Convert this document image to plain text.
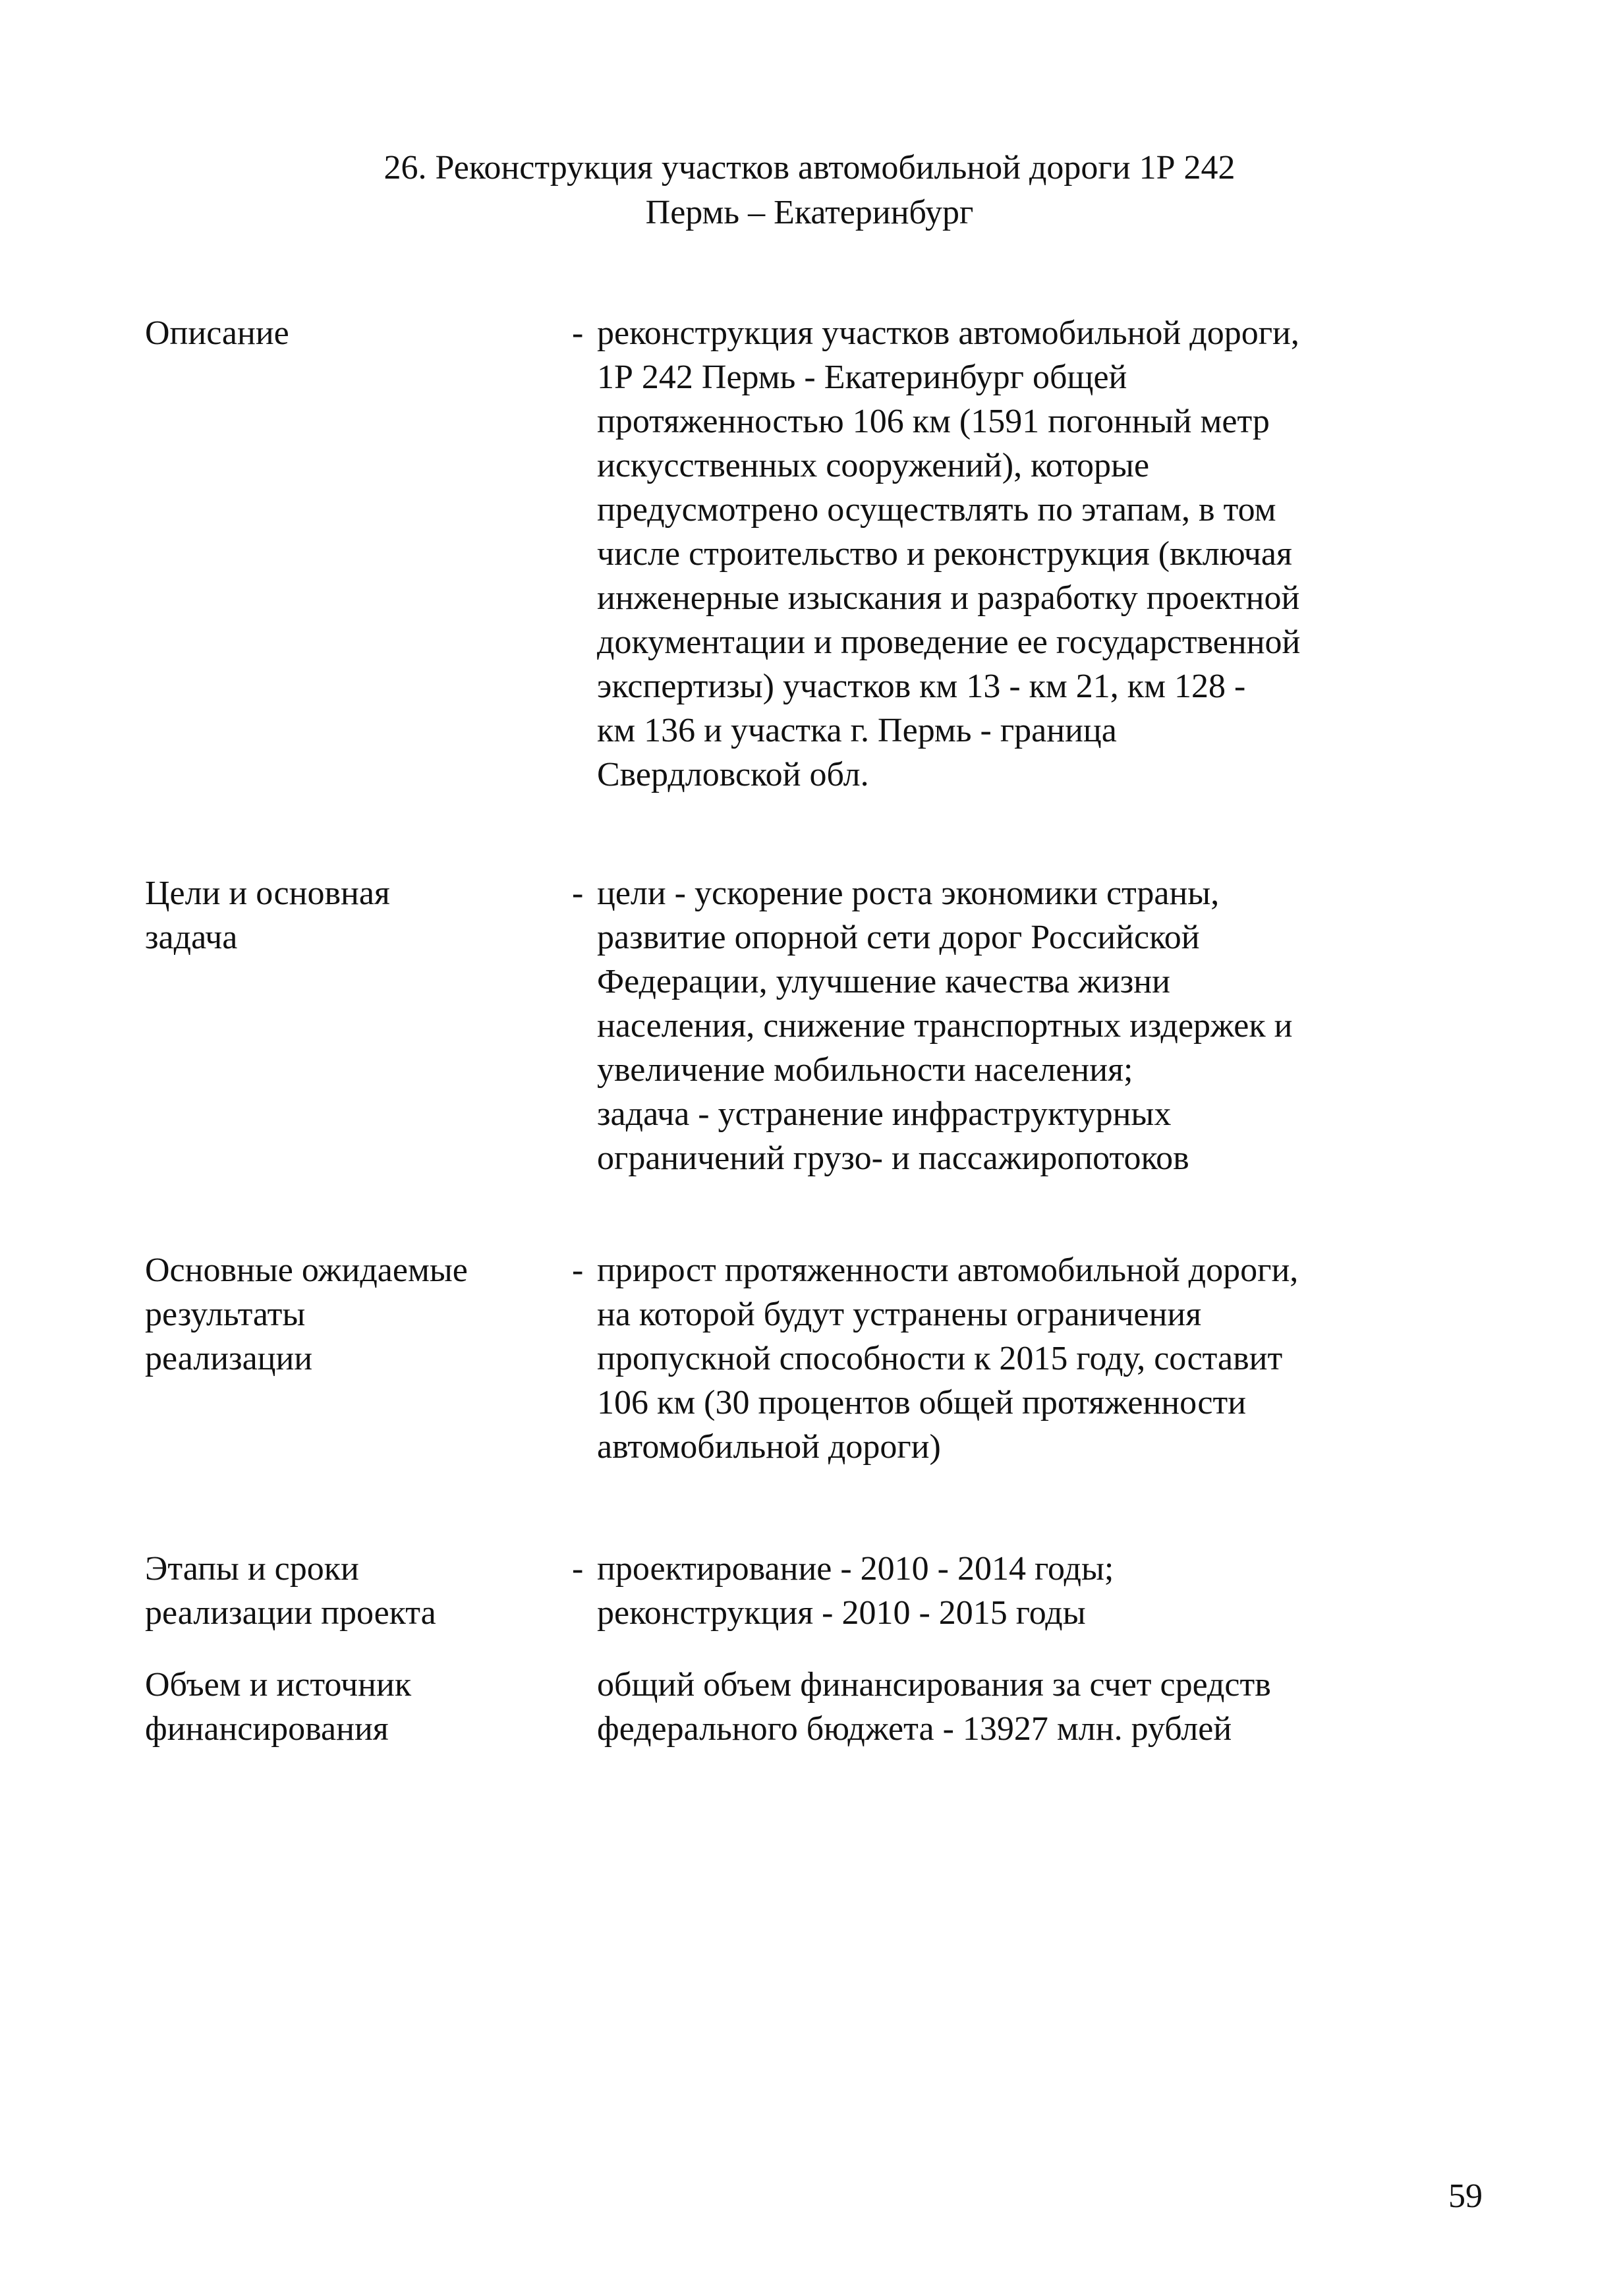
26. Реконструкция участков автомобильной дороги 1Р 242
Пермь – Екатеринбург
Описание	- реконструкция участков автомобильной дороги,
1Р 242 Пермь - Екатеринбург общей
протяженностью 106 км (1591 погонный метр
искусственных сооружений), которые
предусмотрено осуществлять по этапам, в том
числе строительство и реконструкция (включая
инженерные изыскания и разработку проектной
документации и проведение ее государственной
экспертизы) участков км 13 - км 21, км 128 -
км 136 и участка г. Пермь - граница
Свердловской обл.
Цели и основная
задача
- цели - ускорение роста экономики страны,
развитие опорной сети дорог Российской
Федерации, улучшение качества жизни
населения, снижение транспортных издержек и
увеличение мобильности населения;
задача - устранение инфраструктурных
ограничений грузо- и пассажиропотоков
Основные ожидаемые
результаты
реализации
- прирост протяженности автомобильной дороги,
на которой будут устранены ограничения
пропускной способности к 2015 году, составит
106 км (30 процентов общей протяженности
автомобильной дороги)
Этапы и сроки
реализации проекта
- проектирование - 2010 - 2014 годы;
реконструкция - 2010 - 2015 годы
Объем и источник
финансирования
общий объем финансирования за счет средств
федерального бюджета - 13927 млн. рублей
59
